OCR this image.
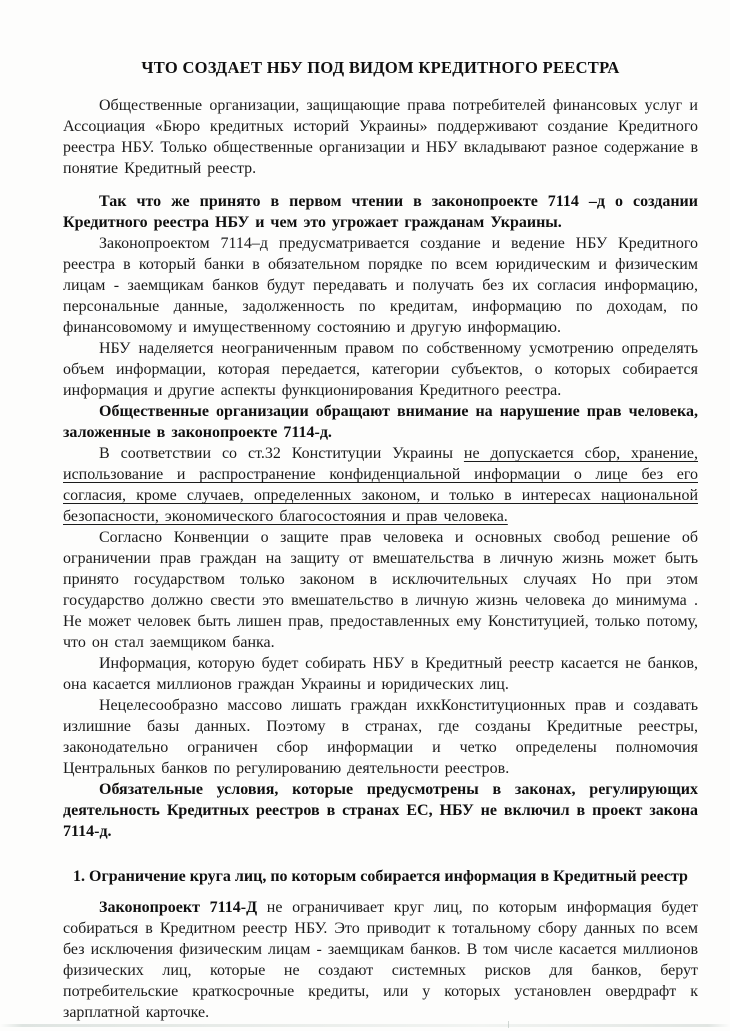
ЧТО СОЗДАЕТ НБУ ПОД ВИДОМ КРЕДИТНОГО РЕЕСТРА

Общественные организации, защищающие права потребителей финансовых услуг и Ассоциация «Бюро кредитных историй Украины» поддерживают создание Кредитного реестра НБУ. Только общественные организации и НБУ вкладывают разное содержание в понятие Кредитный реестр.

Так что же принято в первом чтении в законопроекте 7114 –д о создании Кредитного реестра НБУ и чем это угрожает гражданам Украины.

Законопроектом 7114–д предусматривается создание и ведение НБУ Кредитного реестра в который банки в обязательном порядке по всем юридическим и физическим лицам - заемщикам банков будут передавать и получать без их согласия информацию, персональные данные, задолженность по кредитам, информацию по доходам, по финансовомому и имущественному состоянию и другую информацию.

НБУ наделяется неограниченным правом по собственному усмотрению определять объем информации, которая передается, категории субъектов, о которых собирается информация и другие аспекты функционирования Кредитного реестра.

Общественные организации обращают внимание на нарушение прав человека, заложенные в законопроекте 7114-д.

В соответствии со ст.32 Конституции Украины не допускается сбор, хранение, использование и распространение конфиденциальной информации о лице без его согласия, кроме случаев, определенных законом, и только в интересах национальной безопасности, экономического благосостояния и прав человека.

Согласно Конвенции о защите прав человека и основных свобод решение об ограничении прав граждан на защиту от вмешательства в личную жизнь может быть принято государством только законом в исключительных случаях Но при этом государство должно свести это вмешательство в личную жизнь человека до минимума . Не может человек быть лишен прав, предоставленных ему Конституцией, только потому, что он стал заемщиком банка.

Информация, которую будет собирать НБУ в Кредитный реестр касается не банков, она касается миллионов граждан Украины и юридических лиц.

Нецелесообразно массово лишать граждан ихкКонституционных прав и создавать излишние базы данных. Поэтому в странах, где созданы Кредитные реестры, законодательно ограничен сбор информации и четко определены полномочия Центральных банков по регулированию деятельности реестров.

Обязательные условия, которые предусмотрены в законах, регулирующих деятельность Кредитных реестров в странах ЕС, НБУ не включил в проект закона 7114-д.

1. Ограничение круга лиц, по которым собирается информация в Кредитный реестр

Законопроект 7114-Д не ограничивает круг лиц, по которым информация будет собираться в Кредитном реестр НБУ. Это приводит к тотальному сбору данных по всем без исключения физическим лицам - заемщикам банков. В том числе касается миллионов физических лиц, которые не создают системных рисков для банков, берут потребительские краткосрочные кредиты, или у которых установлен овердрафт к зарплатной карточке.
